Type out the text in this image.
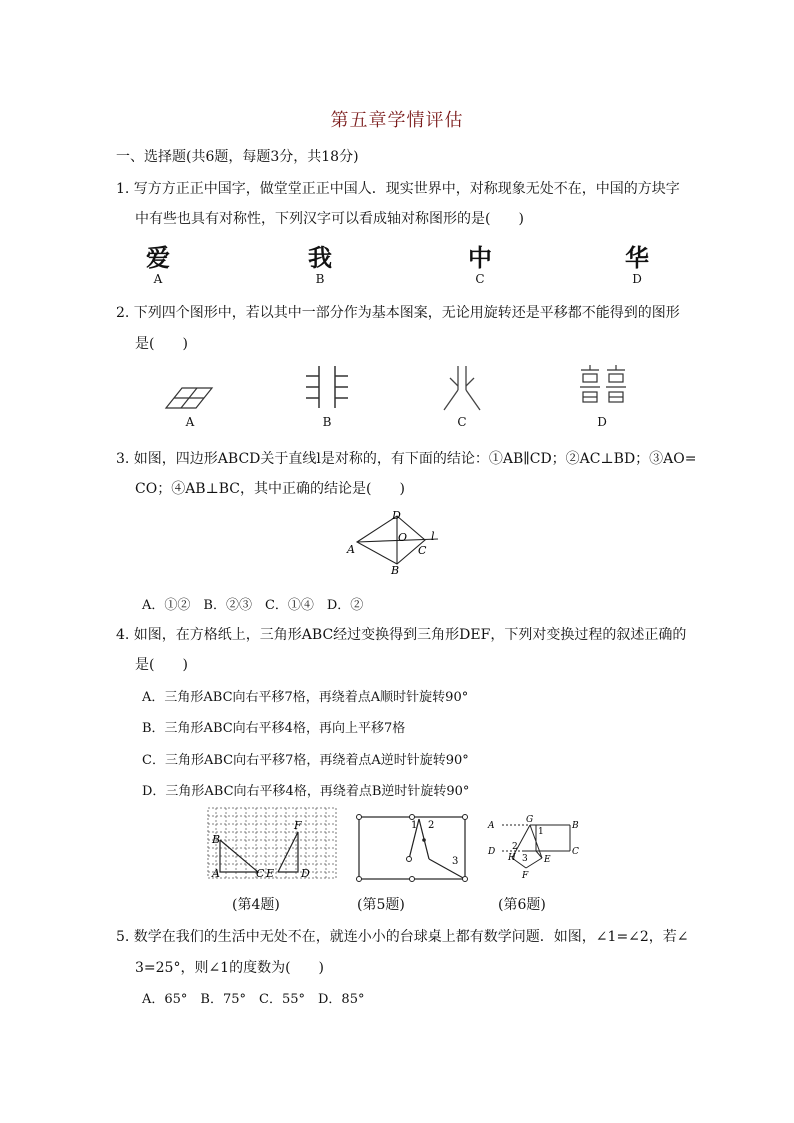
第五章学情评估
一、选择题(共6题，每题3分，共18分)
1. 写方方正正中国字，做堂堂正正中国人．现实世界中，对称现象无处不在，中国的方块字
中有些也具有对称性，下列汉字可以看成轴对称图形的是(　　)
爱	我	中	华
A	B	C	D
2. 下列四个图形中，若以其中一部分作为基本图案，无论用旋转还是平移都不能得到的图形
是(　　)
A	B	C	D
3. 如图，四边形ABCD关于直线l是对称的，有下面的结论：①AB∥CD；②AC⊥BD；③AO=
CO；④AB⊥BC，其中正确的结论是(　　)
D
O l
A	C
B
A．①②　B．②③　C．①④　D．②
4. 如图，在方格纸上，三角形ABC经过变换得到三角形DEF，下列对变换过程的叙述正确的
是(　　)
A．三角形ABC向右平移7格，再绕着点A顺时针旋转90°
B．三角形ABC向右平移4格，再向上平移7格
C．三角形ABC向右平移7格，再绕着点A逆时针旋转90°
D．三角形ABC向右平移4格，再绕着点B逆时针旋转90°
B
F
A	C E D
1 2
3
A
G
1
B
D 2
H 3 E
C
F
(第4题)	(第5题)	(第6题)
5. 数学在我们的生活中无处不在，就连小小的台球桌上都有数学问题．如图，∠1=∠2，若∠
3=25°，则∠1的度数为(　　)
A．65°　B．75°　C．55°　D．85°
